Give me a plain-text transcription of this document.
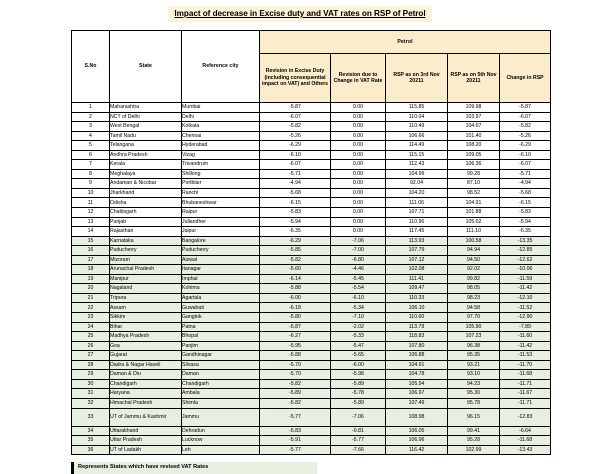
Impact of decrease in Excise duty and VAT rates on RSP of Petrol
S.No	State	Reference city	Petrol				
			Revision in Excise Duty (including consequential impact on VAT) and Others	Revision due to Change in VAT Rate	RSP as on 3rd Nov 20211	RSP as on 5th Nov 20211	Change in RSP
1	Maharashtra	Mumbai	-5.87	0.00	115.85	109.98	-5.87
2	NCT of Delhi	Delhi	-6.07	0.00	110.04	103.97	-6.07
3	West Bengal	Kolkata	-5.82	0.00	110.49	104.67	-5.82
4	Tamil Nadu	Chennai	-5.26	0.00	106.66	101.40	-5.26
5	Telangana	Hyderabad	-6.29	0.00	114.49	108.20	-6.29
6	Andhra Pradesh	Vizag	-6.10	0.00	115.15	109.05	-6.10
7	Kerala	Trivandrum	-6.07	0.00	112.43	106.36	-6.07
8	Meghalaya	Shillong	-5.71	0.00	104.99	99.28	-5.71
9	Andaman & Nicobar	Portblair	-4.94	0.00	92.04	87.10	-4.94
10	Jharkhand	Ranchi	-5.68	0.00	104.20	98.52	-5.68
11	Odisha	Bhubaneshwar	-6.15	0.00	111.06	104.91	-6.15
12	Chattisgarh	Raipur	-5.83	0.00	107.71	101.88	-5.83
13	Punjab	Jullandher	-5.94	0.00	110.96	105.02	-5.94
14	Rajasthan	Jaipur	-6.35	0.00	117.45	111.10	-6.35
15	Karnataka	Bangalore	-6.29	-7.06	113.93	100.58	-13.35
16	Puducherry	Puducherry	-5.85	-7.00	107.79	94.94	-12.85
17	Mizoram	Aizwal	-5.82	-6.80	107.12	94.50	-12.62
18	Arunachal Pradesh	Itanagar	-5.60	-4.46	102.08	92.02	-10.06
19	Manipur	Imphal	-6.14	-5.45	111.41	99.82	-11.59
20	Nagaland	Kohima	-5.88	-5.54	109.47	98.05	-11.42
21	Tripura	Agartala	-6.00	-6.10	110.33	98.23	-12.10
22	Assam	Guwahati	-6.18	-5.34	106.10	94.58	-11.52
23	Sikkim	Gangtok	-5.80	-7.10	110.60	97.70	-12.90
24	Bihar	Patna	-5.87	-2.02	113.79	105.90	-7.89
25	Madhya Pradesh	Bhopal	-6.27	-5.33	118.83	107.23	-11.60
26	Goa	Panjim	-5.95	-5.47	107.80	96.38	-11.42
27	Gujarat	Gandhinagar	-5.88	-5.65	106.88	95.35	-11.53
28	Dadra & Nagar Haveli	Silvasa	-5.70	-6.00	104.91	93.21	-11.70
29	Daman & Diu	Daman	-5.70	-5.98	104.78	93.10	-11.68
30	Chandigarh	Chandigarh	-5.82	-5.89	105.94	94.23	-11.71
31	Haryana	Ambala	-5.89	-5.78	106.97	95.30	-11.67
32	Himachal Pradesh	Shimla	-5.82	-5.89	107.49	95.78	-11.71
33	UT of Jammu & Kashmir	Jammu	-5.77	-7.06	108.98	96.15	-12.83
34	Uttarakhand	Dehradun	-5.83	-0.81	106.05	99.41	-6.64
35	Uttar Pradesh	Lucknow	-5.91	-5.77	106.96	95.28	-11.68
36	UT of Ladakh	Leh	-5.77	-7.66	116.42	102.99	-13.43
Represents States which have revised VAT Rates
